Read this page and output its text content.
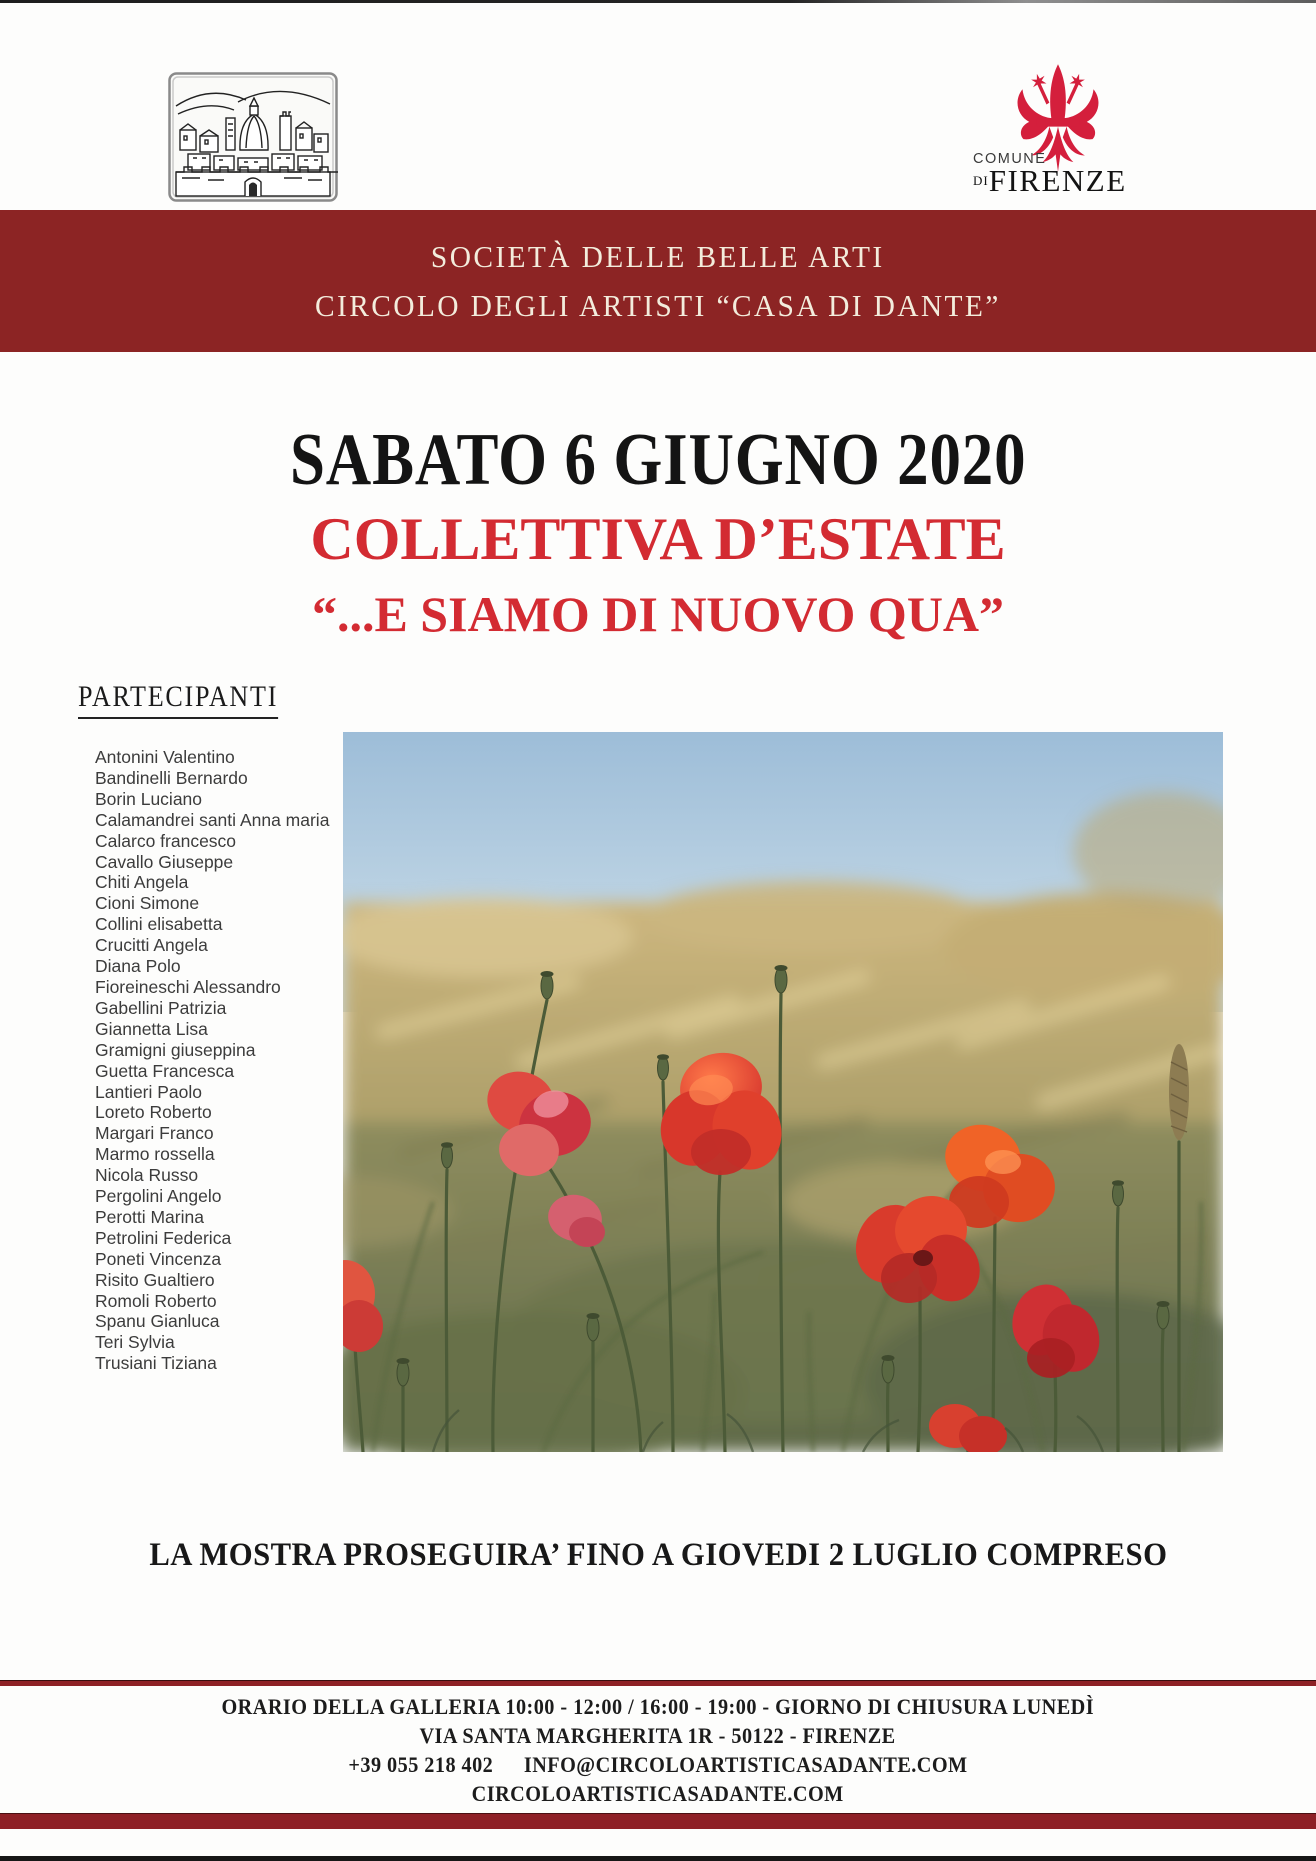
COMUNE
$^{DI}$FIRENZE
SOCIETÀ DELLE BELLE ARTI
CIRCOLO DEGLI ARTISTI “CASA DI DANTE”
SABATO 6 GIUGNO 2020
COLLETTIVA D’ESTATE
“...E SIAMO DI NUOVO QUA”
PARTECIPANTI
Antonini Valentino
Bandinelli Bernardo
Borin Luciano
Calamandrei santi Anna maria
Calarco francesco
Cavallo Giuseppe
Chiti Angela
Cioni Simone
Collini elisabetta
Crucitti Angela
Diana Polo
Fioreineschi Alessandro
Gabellini Patrizia
Giannetta Lisa
Gramigni giuseppina
Guetta Francesca
Lantieri Paolo
Loreto Roberto
Margari Franco
Marmo rossella
Nicola Russo
Pergolini Angelo
Perotti Marina
Petrolini Federica
Poneti Vincenza
Risito Gualtiero
Romoli Roberto
Spanu Gianluca
Teri Sylvia
Trusiani Tiziana
LA MOSTRA PROSEGUIRA’ FINO A GIOVEDI 2 LUGLIO COMPRESO
ORARIO DELLA GALLERIA 10:00 - 12:00 / 16:00 - 19:00 - GIORNO DI CHIUSURA LUNEDÌ
VIA SANTA MARGHERITA 1R - 50122 - FIRENZE
+39 055 218 402 INFO@CIRCOLOARTISTICASADANTE.COM
CIRCOLOARTISTICASADANTE.COM
